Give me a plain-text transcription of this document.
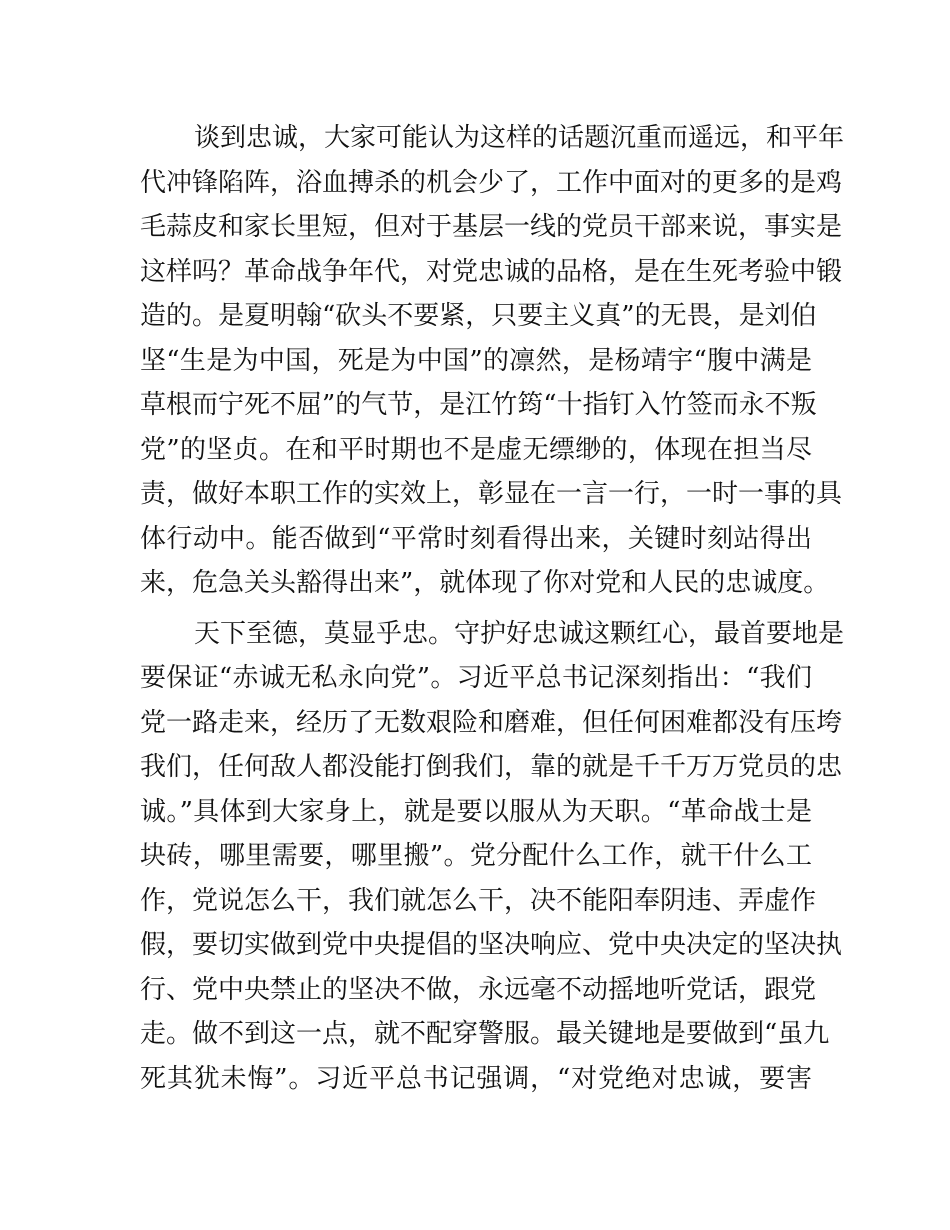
谈到忠诚，大家可能认为这样的话题沉重而遥远，和平年
代冲锋陷阵，浴血搏杀的机会少了，工作中面对的更多的是鸡
毛蒜皮和家长里短，但对于基层一线的党员干部来说，事实是
这样吗？革命战争年代，对党忠诚的品格，是在生死考验中锻
造的。是夏明翰“砍头不要紧，只要主义真”的无畏，是刘伯
坚“生是为中国，死是为中国”的凛然，是杨靖宇“腹中满是
草根而宁死不屈”的气节，是江竹筠“十指钉入竹签而永不叛
党”的坚贞。在和平时期也不是虚无缥缈的，体现在担当尽
责，做好本职工作的实效上，彰显在一言一行，一时一事的具
体行动中。能否做到“平常时刻看得出来，关键时刻站得出
来，危急关头豁得出来”，就体现了你对党和人民的忠诚度。
天下至德，莫显乎忠。守护好忠诚这颗红心，最首要地是
要保证“赤诚无私永向党”。习近平总书记深刻指出：“我们
党一路走来，经历了无数艰险和磨难，但任何困难都没有压垮
我们，任何敌人都没能打倒我们，靠的就是千千万万党员的忠
诚。”具体到大家身上，就是要以服从为天职。“革命战士是
块砖，哪里需要，哪里搬”。党分配什么工作，就干什么工
作，党说怎么干，我们就怎么干，决不能阳奉阴违、弄虚作
假，要切实做到党中央提倡的坚决响应、党中央决定的坚决执
行、党中央禁止的坚决不做，永远毫不动摇地听党话，跟党
走。做不到这一点，就不配穿警服。最关键地是要做到“虽九
死其犹未悔”。习近平总书记强调，“对党绝对忠诚，要害
